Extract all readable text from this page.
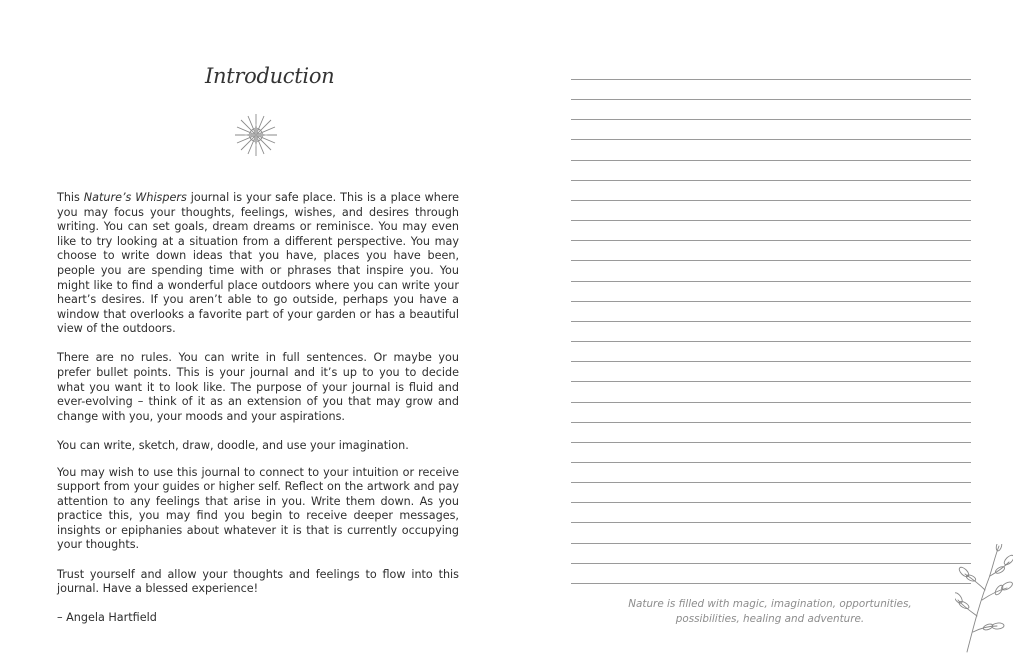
Introduction

This Nature’s Whispers journal is your safe place. This is a place where you may focus your thoughts, feelings, wishes, and desires through writing. You can set goals, dream dreams or reminisce. You may even like to try looking at a situation from a different perspective. You may choose to write down ideas that you have, places you have been, people you are spending time with or phrases that inspire you. You might like to find a wonderful place outdoors where you can write your heart’s desires. If you aren’t able to go outside, perhaps you have a window that overlooks a favorite part of your garden or has a beautiful view of the outdoors.

There are no rules. You can write in full sentences. Or maybe you prefer bullet points. This is your journal and it’s up to you to decide what you want it to look like. The purpose of your journal is fluid and ever-evolving – think of it as an extension of you that may grow and change with you, your moods and your aspirations.

You can write, sketch, draw, doodle, and use your imagination.

You may wish to use this journal to connect to your intuition or receive support from your guides or higher self. Reflect on the artwork and pay attention to any feelings that arise in you. Write them down. As you practice this, you may find you begin to receive deeper messages, insights or epiphanies about whatever it is that is currently occupying your thoughts.

Trust yourself and allow your thoughts and feelings to flow into this journal. Have a blessed experience!

– Angela Hartfield

Nature is filled with magic, imagination, opportunities,
possibilities, healing and adventure.
